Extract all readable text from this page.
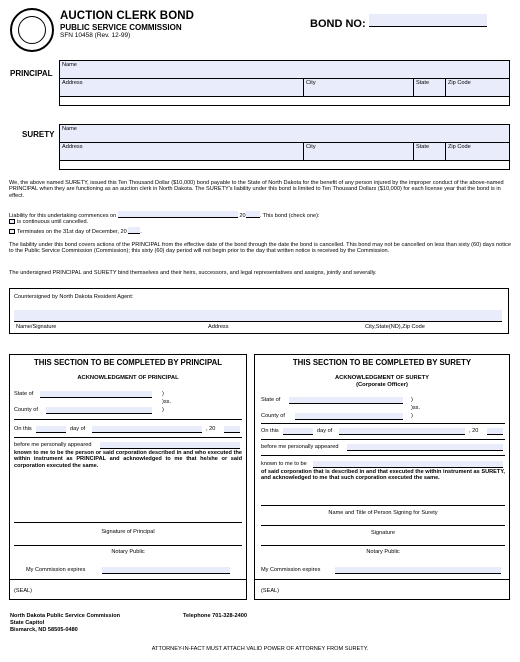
AUCTION CLERK BOND
PUBLIC SERVICE COMMISSION
SFN 10458 (Rev. 12-99)
BOND NO:
PRINCIPAL
Name
Address	City	State	Zip Code
SURETY
Name
Address	City	State	Zip Code
We, the above named SURETY, issued this Ten Thousand Dollar ($10,000) bond payable to the State of North Dakota for the benefit of any person injured by the improper conduct of the above-named PRINCIPAL when they are functioning as an auction clerk in North Dakota. The SURETY's liability under this bond is limited to Ten Thousand Dollars ($10,000) for each license year that the bond is in effect.
Liability for this undertaking commences on	20	. This bond (check one):
is continuous until cancelled.
Terminates on the 31st day of December, 20 .
The liability under this bond covers actions of the PRINCIPAL from the effective date of the bond through the date the bond is cancelled. This bond may not be cancelled on less than sixty (60) days notice to the Public Service Commission (Commission); this sixty (60) day period will not begin prior to the day that written notice is received by the Commission.
The undersigned PRINCIPAL and SURETY bind themselves and their heirs, successors, and legal representatives and assigns, jointly and severally.
Countersigned by North Dakota Resident Agent:
Name/Signature	Address	City,State(ND),Zip Code
THIS SECTION TO BE COMPLETED BY PRINCIPAL
ACKNOWLEDGMENT OF PRINCIPAL
State of	)
)ss.
County of	)
On this	day of	, 20
before me personally appeared
known to me to be the person or said corporation described in and who executed the within instrument as PRINCIPAL and acknowledged to me that he/she or said corporation executed the same.
Signature of Principal
Notary Public
My Commission expires
(SEAL)
THIS SECTION TO BE COMPLETED BY SURETY
ACKNOWLEDGMENT OF SURETY
(Corporate Officer)
State of	)
)ss.
County of	)
On this	day of	, 20
before me personally appeared
known to me to be
of said corporation that is described in and that executed the within instrument as SURETY, and acknowledged to me that such corporation executed the same.
Name and Title of Person Signing for Surety
Signature
Notary Public
My Commission expires
(SEAL)
North Dakota Public Service Commission
State Capitol
Bismarck, ND 58505-0480
Telephone 701-328-2400
ATTORNEY-IN-FACT MUST ATTACH VALID POWER OF ATTORNEY FROM SURETY.
